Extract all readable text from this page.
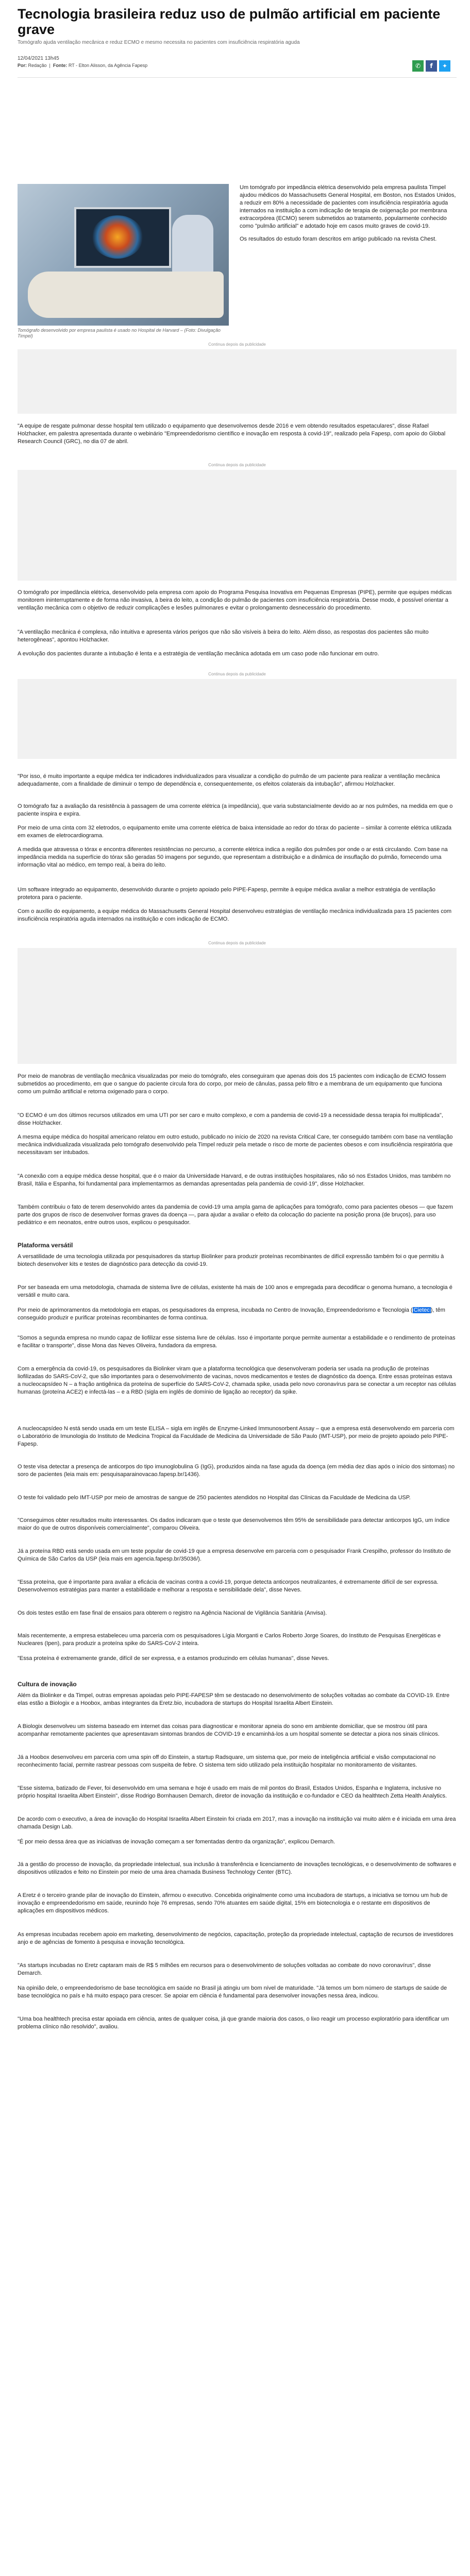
Tecnologia brasileira reduz uso de pulmão artificial em paciente grave

Tomógrafo ajuda ventilação mecânica e reduz ECMO e mesmo necessita no pacientes com insuficiência respiratória aguda

12/04/2021 13h45
Por: Redação  |  Fonte: RT - Elton Alisson, da Agência Fapesp	✆	f	✦
Tomógrafo desenvolvido por empresa paulista é usado no Hospital de Harvard – (Foto: Divulgação Timpel)

Um tomógrafo por impedância elétrica desenvolvido pela empresa paulista Timpel ajudou médicos do Massachusetts General Hospital, em Boston, nos Estados Unidos, a reduzir em 80% a necessidade de pacientes com insuficiência respiratória aguda internados na instituição a com indicação de terapia de oxigenação por membrana extracorpórea (ECMO) serem submetidos ao tratamento, popularmente conhecido como "pulmão artificial" e adotado hoje em casos muito graves de covid-19.

Os resultados do estudo foram descritos em artigo publicado na revista Chest.

Continua depois da publicidade

"A equipe de resgate pulmonar desse hospital tem utilizado o equipamento que desenvolvemos desde 2016 e vem obtendo resultados espetaculares", disse Rafael Holzhacker, em palestra apresentada durante o webinário "Empreendedorismo científico e inovação em resposta à covid-19", realizado pela Fapesp, com apoio do Global Research Council (GRC), no dia 07 de abril.

Continua depois da publicidade

O tomógrafo por impedância elétrica, desenvolvido pela empresa com apoio do Programa Pesquisa Inovativa em Pequenas Empresas (PIPE), permite que equipes médicas monitorem ininterruptamente e de forma não invasiva, à beira do leito, a condição do pulmão de pacientes com insuficiência respiratória. Desse modo, é possível orientar a ventilação mecânica com o objetivo de reduzir complicações e lesões pulmonares e evitar o prolongamento desnecessário do procedimento.

"A ventilação mecânica é complexa, não intuitiva e apresenta vários perigos que não são visíveis à beira do leito. Além disso, as respostas dos pacientes são muito heterogêneas", apontou Holzhacker.

A evolução dos pacientes durante a intubação é lenta e a estratégia de ventilação mecânica adotada em um caso pode não funcionar em outro.

Continua depois da publicidade

"Por isso, é muito importante a equipe médica ter indicadores individualizados para visualizar a condição do pulmão de um paciente para realizar a ventilação mecânica adequadamente, com a finalidade de diminuir o tempo de dependência e, consequentemente, os efeitos colaterais da intubação", afirmou Holzhacker.

O tomógrafo faz a avaliação da resistência à passagem de uma corrente elétrica (a impedância), que varia substancialmente devido ao ar nos pulmões, na medida em que o paciente inspira e expira.

Por meio de uma cinta com 32 eletrodos, o equipamento emite uma corrente elétrica de baixa intensidade ao redor do tórax do paciente – similar à corrente elétrica utilizada em exames de eletrocardiograma.

A medida que atravessa o tórax e encontra diferentes resistências no percurso, a corrente elétrica indica a região dos pulmões por onde o ar está circulando. Com base na impedância medida na superfície do tórax são geradas 50 imagens por segundo, que representam a distribuição e a dinâmica de insuflação do pulmão, fornecendo uma informação vital ao médico, em tempo real, à beira do leito.

Um software integrado ao equipamento, desenvolvido durante o projeto apoiado pelo PIPE-Fapesp, permite à equipe médica avaliar a melhor estratégia de ventilação protetora para o paciente.

Com o auxílio do equipamento, a equipe médica do Massachusetts General Hospital desenvolveu estratégias de ventilação mecânica individualizada para 15 pacientes com insuficiência respiratória aguda internados na instituição e com indicação de ECMO.

Continua depois da publicidade

Por meio de manobras de ventilação mecânica visualizadas por meio do tomógrafo, eles conseguiram que apenas dois dos 15 pacientes com indicação de ECMO fossem submetidos ao procedimento, em que o sangue do paciente circula fora do corpo, por meio de cânulas, passa pelo filtro e a membrana de um equipamento que funciona como um pulmão artificial e retorna oxigenado para o corpo.

"O ECMO é um dos últimos recursos utilizados em uma UTI por ser caro e muito complexo, e com a pandemia de covid-19 a necessidade dessa terapia foi multiplicada", disse Holzhacker.

A mesma equipe médica do hospital americano relatou em outro estudo, publicado no início de 2020 na revista Critical Care, ter conseguido também com base na ventilação mecânica individualizada visualizada pelo tomógrafo desenvolvido pela Timpel reduzir pela metade o risco de morte de pacientes obesos e com insuficiência respiratória que necessitavam ser intubados.

"A conexão com a equipe médica desse hospital, que é o maior da Universidade Harvard, e de outras instituições hospitalares, não só nos Estados Unidos, mas também no Brasil, Itália e Espanha, foi fundamental para implementarmos as demandas apresentadas pela pandemia de covid-19", disse Holzhacker.

Também contribuiu o fato de terem desenvolvido antes da pandemia de covid-19 uma ampla gama de aplicações para tomógrafo, como para pacientes obesos — que fazem parte dos grupos de risco de desenvolver formas graves da doença —, para ajudar a avaliar o efeito da colocação do paciente na posição prona (de bruços), para uso pediátrico e em neonatos, entre outros usos, explicou o pesquisador.

Plataforma versátil

A versatilidade de uma tecnologia utilizada por pesquisadores da startup Biolinker para produzir proteínas recombinantes de difícil expressão também foi o que permitiu à biotech desenvolver kits e testes de diagnóstico para detecção da covid-19.

Por ser baseada em uma metodologia, chamada de sistema livre de células, existente há mais de 100 anos e empregada para decodificar o genoma humano, a tecnologia é versátil e muito cara.

Por meio de aprimoramentos da metodologia em etapas, os pesquisadores da empresa, incubada no Centro de Inovação, Empreendedorismo e Tecnologia ( Cietec ), têm conseguido produzir e purificar proteínas recombinantes de forma contínua.

"Somos a segunda empresa no mundo capaz de liofilizar esse sistema livre de células. Isso é importante porque permite aumentar a estabilidade e o rendimento de proteínas e facilitar o transporte", disse Mona das Neves Oliveira, fundadora da empresa.

Com a emergência da covid-19, os pesquisadores da Biolinker viram que a plataforma tecnológica que desenvolveram poderia ser usada na produção de proteínas liofilizadas do SARS-CoV-2, que são importantes para o desenvolvimento de vacinas, novos medicamentos e testes de diagnóstico da doença. Entre essas proteínas estava a nucleocapsídeo N – a fração antigênica da proteína de superfície do SARS-CoV-2, chamada spike, usada pelo novo coronavírus para se conectar a um receptor nas células humanas (proteína ACE2) e infectá-las – e a RBD (sigla em inglês de domínio de ligação ao receptor) da spike.

A nucleocapsídeo N está sendo usada em um teste ELISA – sigla em inglês de Enzyme-Linked Immunosorbent Assay – que a empresa está desenvolvendo em parceria com o Laboratório de Imunologia do Instituto de Medicina Tropical da Faculdade de Medicina da Universidade de São Paulo (IMT-USP), por meio de projeto apoiado pelo PIPE-Fapesp.

O teste visa detectar a presença de anticorpos do tipo imunoglobulina G (IgG), produzidos ainda na fase aguda da doença (em média dez dias após o início dos sintomas) no soro de pacientes (leia mais em: pesquisaparainovacao.fapesp.br/1436).

O teste foi validado pelo IMT-USP por meio de amostras de sangue de 250 pacientes atendidos no Hospital das Clínicas da Faculdade de Medicina da USP.

"Conseguimos obter resultados muito interessantes. Os dados indicaram que o teste que desenvolvemos têm 95% de sensibilidade para detectar anticorpos IgG, um índice maior do que de outros disponíveis comercialmente", comparou Oliveira.

Já a proteína RBD está sendo usada em um teste popular de covid-19 que a empresa desenvolve em parceria com o pesquisador Frank Crespilho, professor do Instituto de Química de São Carlos da USP (leia mais em agencia.fapesp.br/35036/).

"Essa proteína, que é importante para avaliar a eficácia de vacinas contra a covid-19, porque detecta anticorpos neutralizantes, é extremamente difícil de ser expressa. Desenvolvemos estratégias para manter a estabilidade e melhorar a resposta e sensibilidade dela", disse Neves.

Os dois testes estão em fase final de ensaios para obterem o registro na Agência Nacional de Vigilância Sanitária (Anvisa).

Mais recentemente, a empresa estabeleceu uma parceria com os pesquisadores Lígia Morganti e Carlos Roberto Jorge Soares, do Instituto de Pesquisas Energéticas e Nucleares (Ipen), para produzir a proteína spike do SARS-CoV-2 inteira.

"Essa proteína é extremamente grande, difícil de ser expressa, e a estamos produzindo em células humanas", disse Neves.

Cultura de inovação

Além da Biolinker e da Timpel, outras empresas apoiadas pelo PIPE-FAPESP têm se destacado no desenvolvimento de soluções voltadas ao combate da COVID-19. Entre elas estão a Biologix e a Hoobox, ambas integrantes da Eretz.bio, incubadora de startups do Hospital Israelita Albert Einstein.

A Biologix desenvolveu um sistema baseado em internet das coisas para diagnosticar e monitorar apneia do sono em ambiente domiciliar, que se mostrou útil para acompanhar remotamente pacientes que apresentavam sintomas brandos de COVID-19 e encaminhá-los a um hospital somente se detectar a piora nos sinais clínicos.

Já a Hoobox desenvolveu em parceria com uma spin off do Einstein, a startup Radsquare, um sistema que, por meio de inteligência artificial e visão computacional no reconhecimento facial, permite rastrear pessoas com suspeita de febre. O sistema tem sido utilizado pela instituição hospitalar no monitoramento de visitantes.

"Esse sistema, batizado de Fever, foi desenvolvido em uma semana e hoje é usado em mais de mil pontos do Brasil, Estados Unidos, Espanha e Inglaterra, inclusive no próprio hospital Israelita Albert Einstein", disse Rodrigo Bornhausen Demarch, diretor de inovação da instituição e co-fundador e CEO da healthtech Zetta Health Analytics.

De acordo com o executivo, a área de inovação do Hospital Israelita Albert Einstein foi criada em 2017, mas a inovação na instituição vai muito além e é iniciada em uma área chamada Design Lab.

"É por meio dessa área que as iniciativas de inovação começam a ser fomentadas dentro da organização", explicou Demarch.

Já a gestão do processo de inovação, da propriedade intelectual, sua inclusão à transferência e licenciamento de inovações tecnológicas, e o desenvolvimento de softwares e dispositivos utilizados e feito no Einstein por meio de uma área chamada Business Technology Center (BTC).

A Eretz é o terceiro grande pilar de inovação do Einstein, afirmou o executivo. Concebida originalmente como uma incubadora de startups, a iniciativa se tornou um hub de inovação e empreendedorismo em saúde, reunindo hoje 76 empresas, sendo 70% atuantes em saúde digital, 15% em biotecnologia e o restante em dispositivos de aplicações em dispositivos médicos.

As empresas incubadas recebem apoio em marketing, desenvolvimento de negócios, capacitação, proteção da propriedade intelectual, captação de recursos de investidores anjo e de agências de fomento à pesquisa e inovação tecnológica.

"As startups incubadas no Eretz captaram mais de R$ 5 milhões em recursos para o desenvolvimento de soluções voltadas ao combate do novo coronavírus", disse Demarch.

Na opinião dele, o empreendedorismo de base tecnológica em saúde no Brasil já atingiu um bom nível de maturidade. "Já temos um bom número de startups de saúde de base tecnológica no país e há muito espaço para crescer. Se apoiar em ciência é fundamental para desenvolver inovações nessa área, indicou.

"Uma boa healthtech precisa estar apoiada em ciência, antes de qualquer coisa, já que grande maioria dos casos, o lixo reagir um processo exploratório para identificar um problema clínico não resolvido", avaliou.
